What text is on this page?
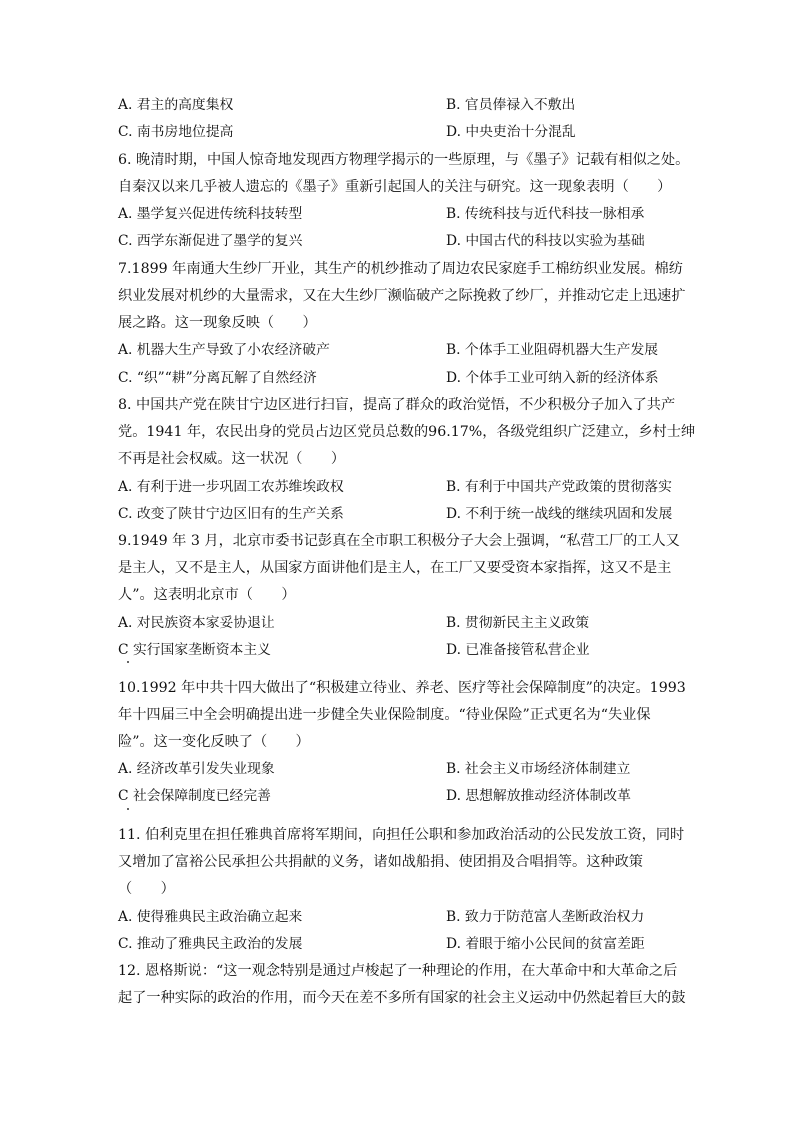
A. 君主的高度集权	B. 官员俸禄入不敷出
C. 南书房地位提高	D. 中央吏治十分混乱
6. 晚清时期，中国人惊奇地发现西方物理学揭示的一些原理，与《墨子》记载有相似之处。
自秦汉以来几乎被人遗忘的《墨子》重新引起国人的关注与研究。这一现象表明（　　）
A. 墨学复兴促进传统科技转型	B. 传统科技与近代科技一脉相承
C. 西学东渐促进了墨学的复兴	D. 中国古代的科技以实验为基础
7.1899 年南通大生纱厂开业，其生产的机纱推动了周边农民家庭手工棉纺织业发展。棉纺
织业发展对机纱的大量需求，又在大生纱厂濒临破产之际挽救了纱厂，并推动它走上迅速扩
展之路。这一现象反映（　　）
A. 机器大生产导致了小农经济破产	B. 个体手工业阻碍机器大生产发展
C. “织”“耕”分离瓦解了自然经济	D. 个体手工业可纳入新的经济体系
8. 中国共产党在陕甘宁边区进行扫盲，提高了群众的政治觉悟，不少积极分子加入了共产
党。1941 年，农民出身的党员占边区党员总数的96.17%，各级党组织广泛建立，乡村士绅
不再是社会权威。这一状况（　　）
A. 有利于进一步巩固工农苏维埃政权	B. 有利于中国共产党政策的贯彻落实
C. 改变了陕甘宁边区旧有的生产关系	D. 不利于统一战线的继续巩固和发展
9.1949 年 3 月，北京市委书记彭真在全市职工积极分子大会上强调，“私营工厂的工人又
是主人，又不是主人，从国家方面讲他们是主人，在工厂又要受资本家指挥，这又不是主
人”。这表明北京市（　　）
A. 对民族资本家妥协退让	B. 贯彻新民主主义政策
C 实行国家垄断资本主义	D. 已准备接管私营企业
10.1992 年中共十四大做出了“积极建立待业、养老、医疗等社会保障制度”的决定。1993
年十四届三中全会明确提出进一步健全失业保险制度。“待业保险”正式更名为“失业保
险”。这一变化反映了（　　）
A. 经济改革引发失业现象	B. 社会主义市场经济体制建立
C 社会保障制度已经完善	D. 思想解放推动经济体制改革
11. 伯利克里在担任雅典首席将军期间，向担任公职和参加政治活动的公民发放工资，同时
又增加了富裕公民承担公共捐献的义务，诸如战船捐、使团捐及合唱捐等。这种政策
（　　）
A. 使得雅典民主政治确立起来	B. 致力于防范富人垄断政治权力
C. 推动了雅典民主政治的发展	D. 着眼于缩小公民间的贫富差距
12. 恩格斯说：“这一观念特别是通过卢梭起了一种理论的作用，在大革命中和大革命之后
起了一种实际的政治的作用，而今天在差不多所有国家的社会主义运动中仍然起着巨大的鼓
